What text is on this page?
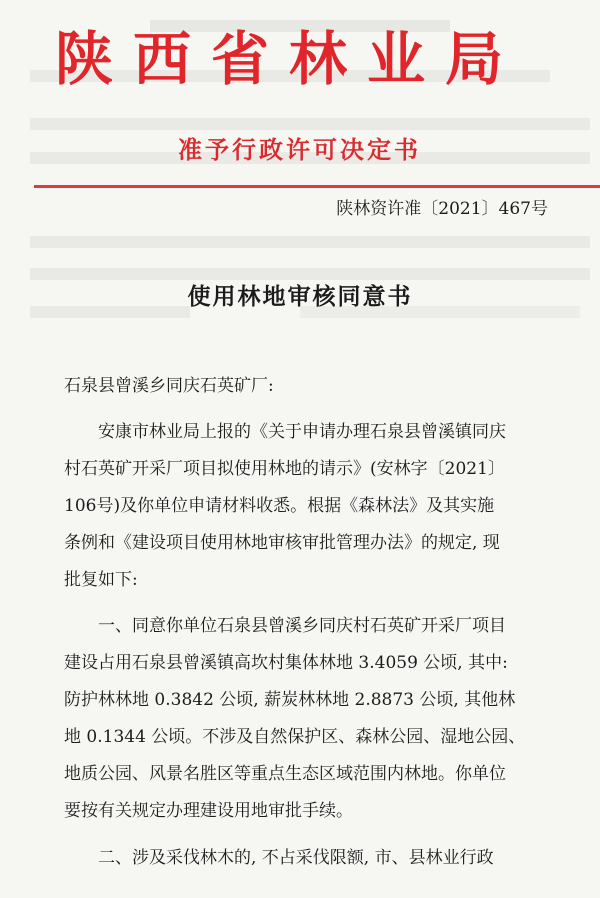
陕西省林业局
准予行政许可决定书
陕林资许准〔2021〕467号
使用林地审核同意书
石泉县曾溪乡同庆石英矿厂:
安康市林业局上报的《关于申请办理石泉县曾溪镇同庆
村石英矿开采厂项目拟使用林地的请示》(安林字〔2021〕
106号)及你单位申请材料收悉。根据《森林法》及其实施
条例和《建设项目使用林地审核审批管理办法》的规定, 现
批复如下:
一、同意你单位石泉县曾溪乡同庆村石英矿开采厂项目
建设占用石泉县曾溪镇高坎村集体林地 3.4059 公顷, 其中:
防护林林地 0.3842 公顷, 薪炭林林地 2.8873 公顷, 其他林
地 0.1344 公顷。不涉及自然保护区、森林公园、湿地公园、
地质公园、风景名胜区等重点生态区域范围内林地。你单位
要按有关规定办理建设用地审批手续。
二、涉及采伐林木的, 不占采伐限额, 市、县林业行政
